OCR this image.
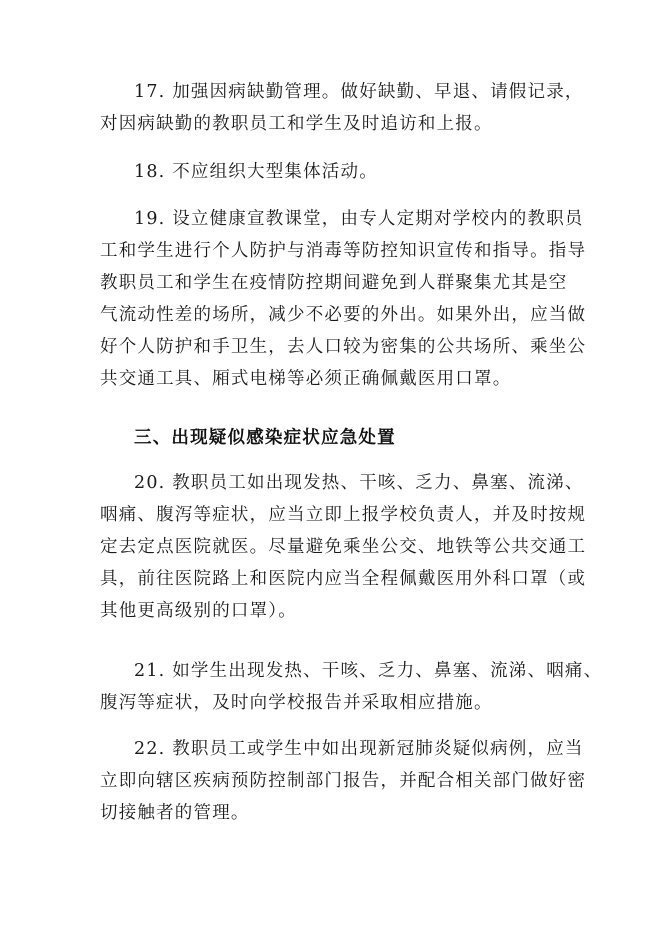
17. 加强因病缺勤管理。做好缺勤、早退、请假记录，
对因病缺勤的教职员工和学生及时追访和上报。
18. 不应组织大型集体活动。
19. 设立健康宣教课堂，由专人定期对学校内的教职员
工和学生进行个人防护与消毒等防控知识宣传和指导。指导
教职员工和学生在疫情防控期间避免到人群聚集尤其是空
气流动性差的场所，减少不必要的外出。如果外出，应当做
好个人防护和手卫生，去人口较为密集的公共场所、乘坐公
共交通工具、厢式电梯等必须正确佩戴医用口罩。
三、出现疑似感染症状应急处置
20. 教职员工如出现发热、干咳、乏力、鼻塞、流涕、
咽痛、腹泻等症状，应当立即上报学校负责人，并及时按规
定去定点医院就医。尽量避免乘坐公交、地铁等公共交通工
具，前往医院路上和医院内应当全程佩戴医用外科口罩（或
其他更高级别的口罩）。
21. 如学生出现发热、干咳、乏力、鼻塞、流涕、咽痛、
腹泻等症状，及时向学校报告并采取相应措施。
22. 教职员工或学生中如出现新冠肺炎疑似病例，应当
立即向辖区疾病预防控制部门报告，并配合相关部门做好密
切接触者的管理。
